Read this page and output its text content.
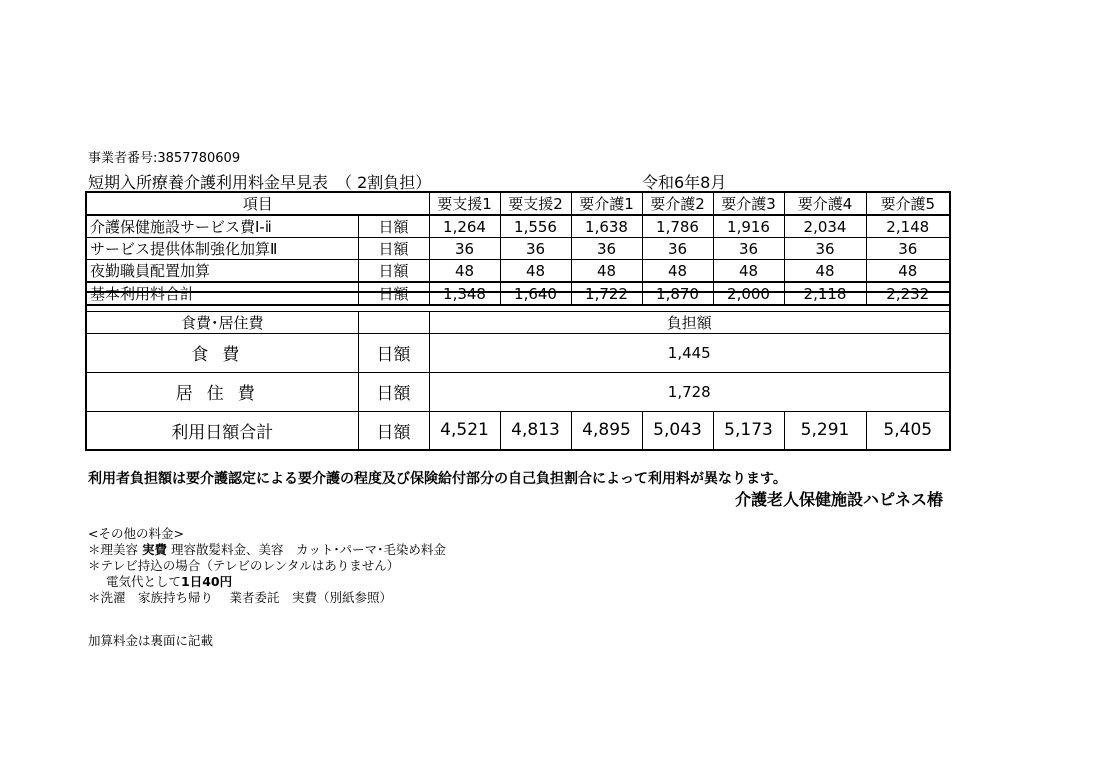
事業者番号:3857780609
短期入所療養介護利用料金早見表　（ 2割負担）	令和6年8月
項目		要支援1	要支援2	要介護1	要介護2	要介護3	要介護4	要介護5
介護保健施設サービス費Ⅰ-ⅱ	日額	1,264	1,556	1,638	1,786	1,916	2,034	2,148
サービス提供体制強化加算Ⅱ	日額	36	36	36	36	36	36	36
夜勤職員配置加算	日額	48	48	48	48	48	48	48
基本利用料合計	日額	1,348	1,640	1,722	1,870	2,000	2,118	2,232

食費･居住費		負担額						
食費	日額	1,445						
居住費	日額	1,728						
利用日額合計	日額	4,521	4,813	4,895	5,043	5,173	5,291	5,405
利用者負担額は要介護認定による要介護の程度及び保険給付部分の自己負担割合によって利用料が異なります。
介護老人保健施設ハピネス椿
<その他の料金>
＊理美容 実費 理容散髪料金、美容　カット･パーマ･毛染め料金
＊テレビ持込の場合（テレビのレンタルはありません）
電気代として1日40円
＊洗濯　家族持ち帰り　 業者委託　実費（別紙参照）
加算料金は裏面に記載
